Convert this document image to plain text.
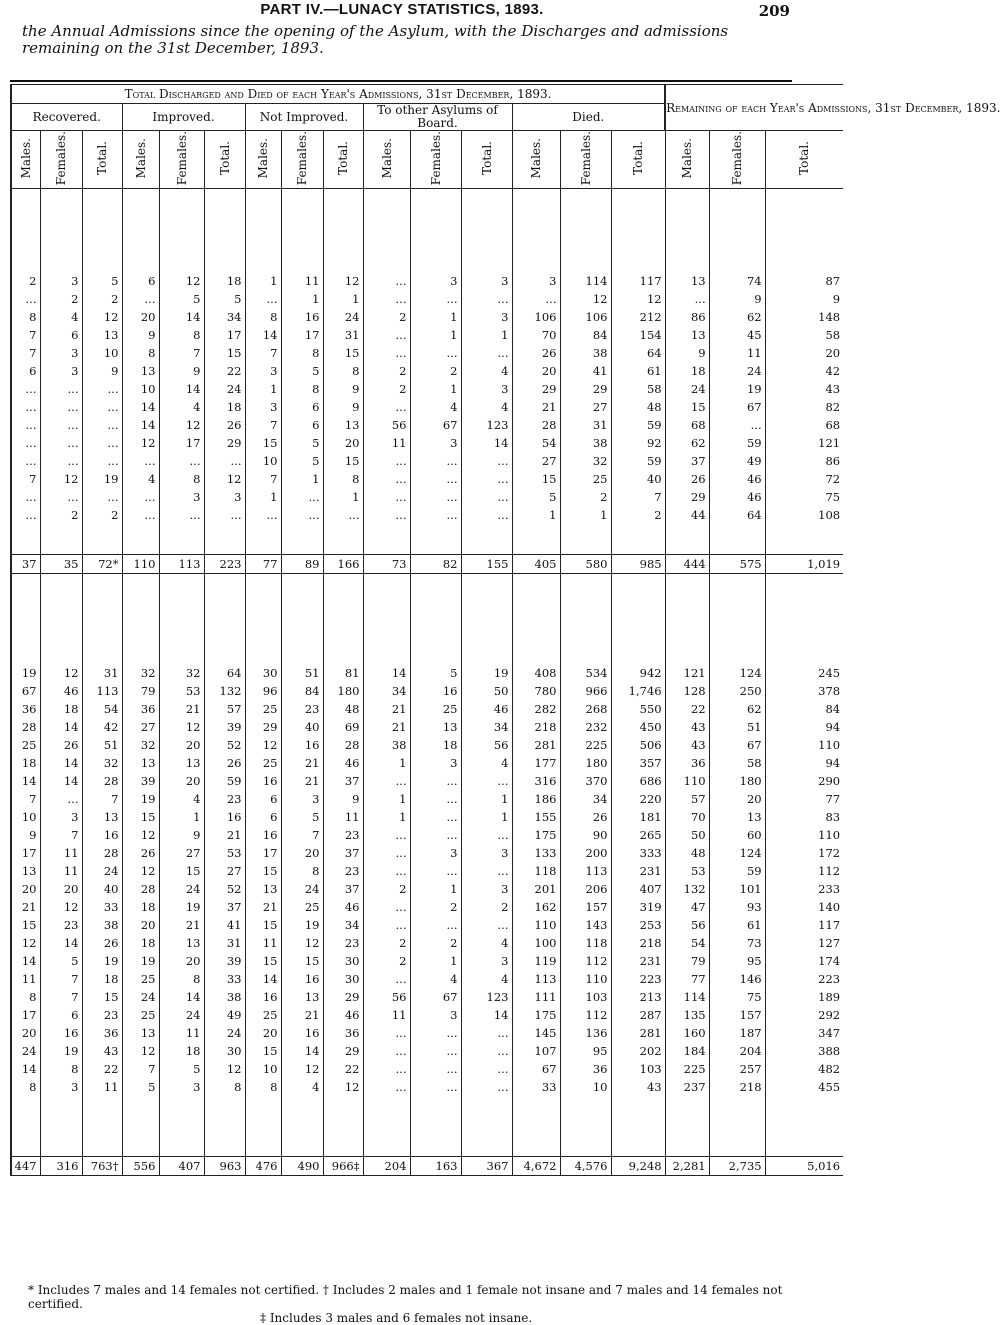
PART IV.—LUNACY STATISTICS, 1893.	209
the Annual Admissions since the opening of the Asylum, with the Discharges and admissions remaining on the 31st December, 1893.
Total Discharged and Died of each Year's Admissions, 31st December, 1893.															Remaining of each Year's Admissions, 31st December, 1893.		
Recovered.			Improved.			Not Improved.			To other Asylums of Board.			Died.					
Males.	Females.	Total.	Males.	Females.	Total.	Males.	Females.	Total.	Males.	Females.	Total.	Males.	Females.	Total.	Males.	Females.	Total.

2	3	5	6	12	18	1	11	12	...	3	3	3	114	117	13	74	87
...	2	2	...	5	5	...	1	1	...	...	...	...	12	12	...	9	9
8	4	12	20	14	34	8	16	24	2	1	3	106	106	212	86	62	148
7	6	13	9	8	17	14	17	31	...	1	1	70	84	154	13	45	58
7	3	10	8	7	15	7	8	15	...	...	...	26	38	64	9	11	20
6	3	9	13	9	22	3	5	8	2	2	4	20	41	61	18	24	42
...	...	...	10	14	24	1	8	9	2	1	3	29	29	58	24	19	43
...	...	...	14	4	18	3	6	9	...	4	4	21	27	48	15	67	82
...	...	...	14	12	26	7	6	13	56	67	123	28	31	59	68	...	68
...	...	...	12	17	29	15	5	20	11	3	14	54	38	92	62	59	121
...	...	...	...	...	...	10	5	15	...	...	...	27	32	59	37	49	86
7	12	19	4	8	12	7	1	8	...	...	...	15	25	40	26	46	72
...	...	...	...	3	3	1	...	1	...	...	...	5	2	7	29	46	75
...	2	2	...	...	...	...	...	...	...	...	...	1	1	2	44	64	108

37	35	72*	110	113	223	77	89	166	73	82	155	405	580	985	444	575	1,019

19	12	31	32	32	64	30	51	81	14	5	19	408	534	942	121	124	245
67	46	113	79	53	132	96	84	180	34	16	50	780	966	1,746	128	250	378
36	18	54	36	21	57	25	23	48	21	25	46	282	268	550	22	62	84
28	14	42	27	12	39	29	40	69	21	13	34	218	232	450	43	51	94
25	26	51	32	20	52	12	16	28	38	18	56	281	225	506	43	67	110
18	14	32	13	13	26	25	21	46	1	3	4	177	180	357	36	58	94
14	14	28	39	20	59	16	21	37	...	...	...	316	370	686	110	180	290
7	...	7	19	4	23	6	3	9	1	...	1	186	34	220	57	20	77
10	3	13	15	1	16	6	5	11	1	...	1	155	26	181	70	13	83
9	7	16	12	9	21	16	7	23	...	...	...	175	90	265	50	60	110
17	11	28	26	27	53	17	20	37	...	3	3	133	200	333	48	124	172
13	11	24	12	15	27	15	8	23	...	...	...	118	113	231	53	59	112
20	20	40	28	24	52	13	24	37	2	1	3	201	206	407	132	101	233
21	12	33	18	19	37	21	25	46	...	2	2	162	157	319	47	93	140
15	23	38	20	21	41	15	19	34	...	...	...	110	143	253	56	61	117
12	14	26	18	13	31	11	12	23	2	2	4	100	118	218	54	73	127
14	5	19	19	20	39	15	15	30	2	1	3	119	112	231	79	95	174
11	7	18	25	8	33	14	16	30	...	4	4	113	110	223	77	146	223
8	7	15	24	14	38	16	13	29	56	67	123	111	103	213	114	75	189
17	6	23	25	24	49	25	21	46	11	3	14	175	112	287	135	157	292
20	16	36	13	11	24	20	16	36	...	...	...	145	136	281	160	187	347
24	19	43	12	18	30	15	14	29	...	...	...	107	95	202	184	204	388
14	8	22	7	5	12	10	12	22	...	...	...	67	36	103	225	257	482
8	3	11	5	3	8	8	4	12	...	...	...	33	10	43	237	218	455

447	316	763†	556	407	963	476	490	966‡	204	163	367	4,672	4,576	9,248	2,281	2,735	5,016
* Includes 7 males and 14 females not certified. † Includes 2 males and 1 female not insane and 7 males and 14 females not certified.
‡ Includes 3 males and 6 females not insane.
